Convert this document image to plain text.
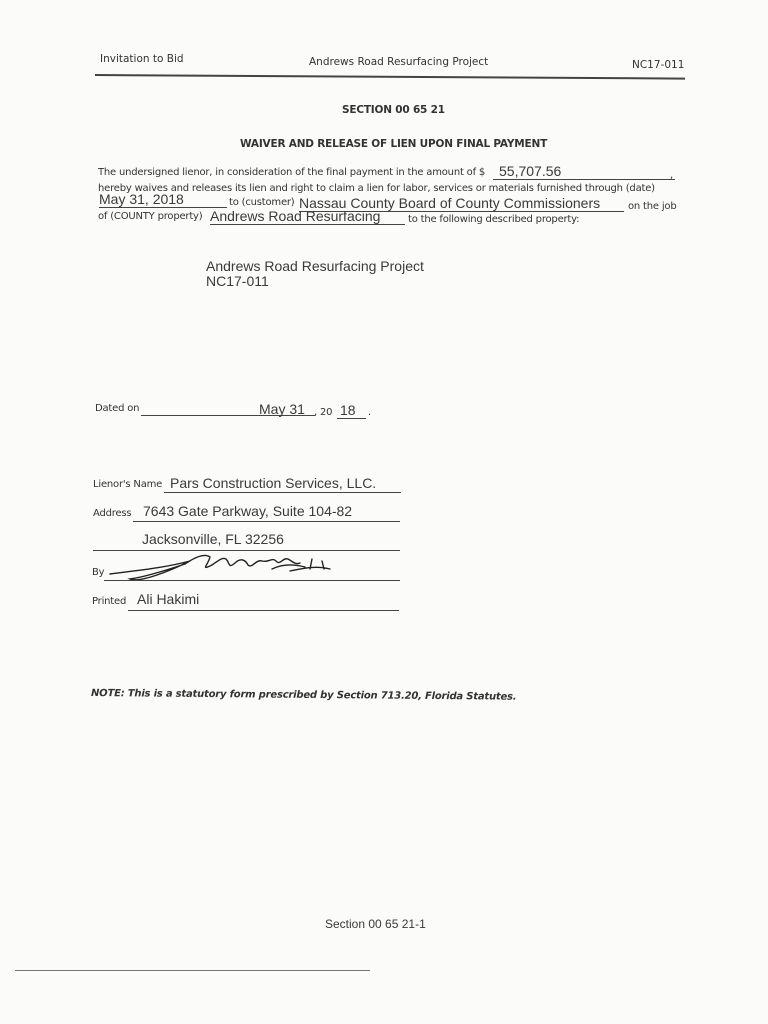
Invitation to Bid	Andrews Road Resurfacing Project	NC17-011
SECTION 00 65 21
WAIVER AND RELEASE OF LIEN UPON FINAL PAYMENT
The undersigned lienor, in consideration of the final payment in the amount of $ 55,707.56	,
hereby waives and releases its lien and right to claim a lien for labor, services or materials furnished through (date)
May 31, 2018	to (customer) Nassau County Board of County Commissioners	on the job
of (COUNTY property) Andrews Road Resurfacing	to the following described property:
Andrews Road Resurfacing Project
NC17-011
Dated on	May 31 , 20 18	.
Lienor's Name Pars Construction Services, LLC.
Address 7643 Gate Parkway, Suite 104-82
Jacksonville, FL 32256
By
Printed Ali Hakimi
NOTE: This is a statutory form prescribed by Section 713.20, Florida Statutes.
Section 00 65 21-1
